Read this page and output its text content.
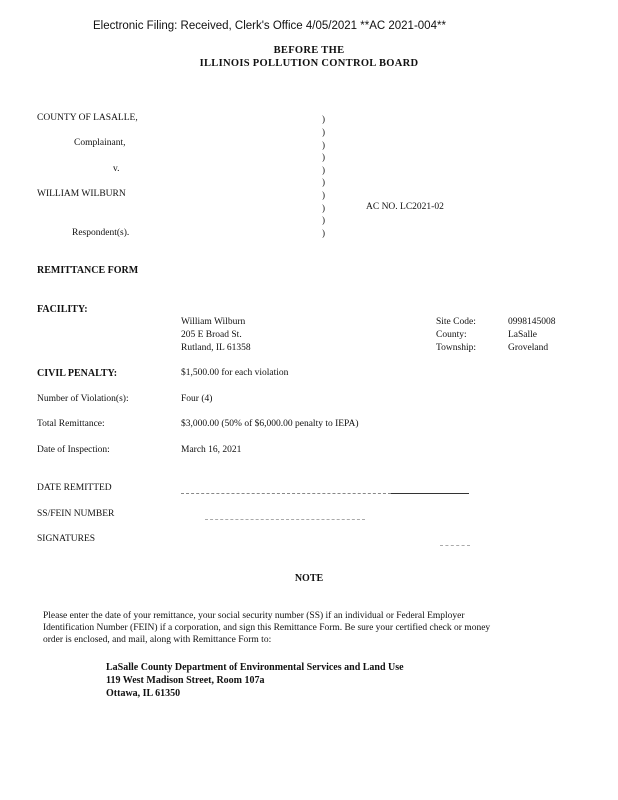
Electronic Filing: Received, Clerk's Office 4/05/2021 **AC 2021-004**
BEFORE THE
ILLINOIS POLLUTION CONTROL BOARD
COUNTY OF LASALLE,
Complainant,
v.
WILLIAM WILBURN
Respondent(s).
AC NO. LC2021-02
)
)
)
)
)
)
)
)
)
)
REMITTANCE FORM
FACILITY:
William Wilburn
205 E Broad St.
Rutland, IL 61358
Site Code:	0998145008
County:	LaSalle
Township:	Groveland
CIVIL PENALTY:	$1,500.00 for each violation
Number of Violation(s):	Four (4)
Total Remittance:	$3,000.00 (50% of $6,000.00 penalty to IEPA)
Date of Inspection:	March 16, 2021
DATE REMITTED
SS/FEIN NUMBER
SIGNATURES
NOTE
Please enter the date of your remittance, your social security number (SS) if an individual or Federal Employer
Identification Number (FEIN) if a corporation, and sign this Remittance Form. Be sure your certified check or money
order is enclosed, and mail, along with Remittance Form to:
LaSalle County Department of Environmental Services and Land Use
119 West Madison Street, Room 107a
Ottawa, IL 61350
